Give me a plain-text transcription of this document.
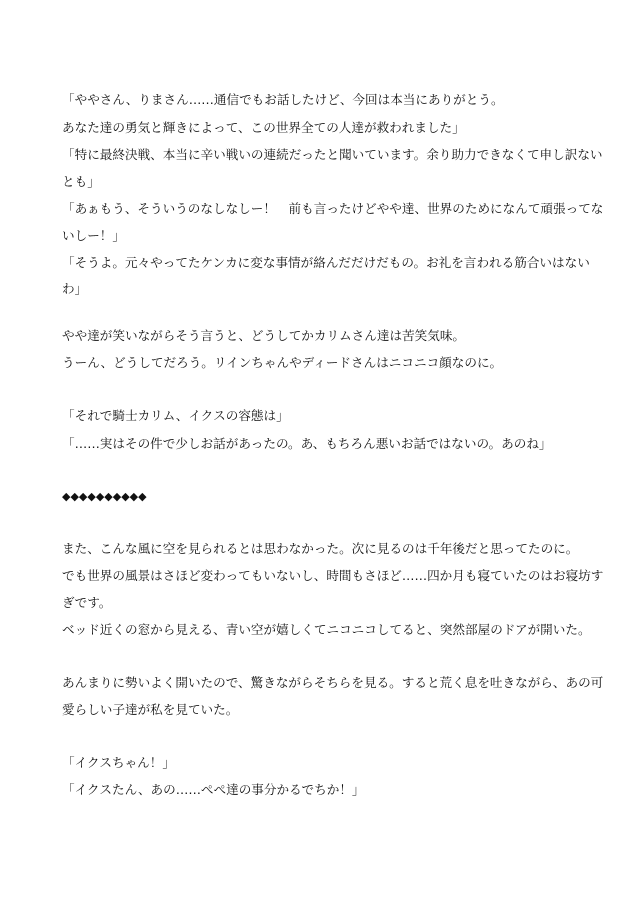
「ややさん、りまさん……通信でもお話したけど、今回は本当にありがとう。
あなた達の勇気と輝きによって、この世界全ての人達が救われました」
「特に最終決戦、本当に辛い戦いの連続だったと聞いています。余り助力できなくて申し訳ない
とも」
「あぁもう、そういうのなしなしー！　前も言ったけどやや達、世界のためになんて頑張ってな
いしー！」
「そうよ。元々やってたケンカに変な事情が絡んだだけだもの。お礼を言われる筋合いはない
わ」
やや達が笑いながらそう言うと、どうしてかカリムさん達は苦笑気味。
うーん、どうしてだろう。リインちゃんやディードさんはニコニコ顔なのに。
「それで騎士カリム、イクスの容態は」
「……実はその件で少しお話があったの。あ、もちろん悪いお話ではないの。あのね」
◆◆◆◆◆◆◆◆◆◆
また、こんな風に空を見られるとは思わなかった。次に見るのは千年後だと思ってたのに。
でも世界の風景はさほど変わってもいないし、時間もさほど……四か月も寝ていたのはお寝坊す
ぎです。
ベッド近くの窓から見える、青い空が嬉しくてニコニコしてると、突然部屋のドアが開いた。
あんまりに勢いよく開いたので、驚きながらそちらを見る。すると荒く息を吐きながら、あの可
愛らしい子達が私を見ていた。
「イクスちゃん！」
「イクスたん、あの……ぺぺ達の事分かるでちか！」
